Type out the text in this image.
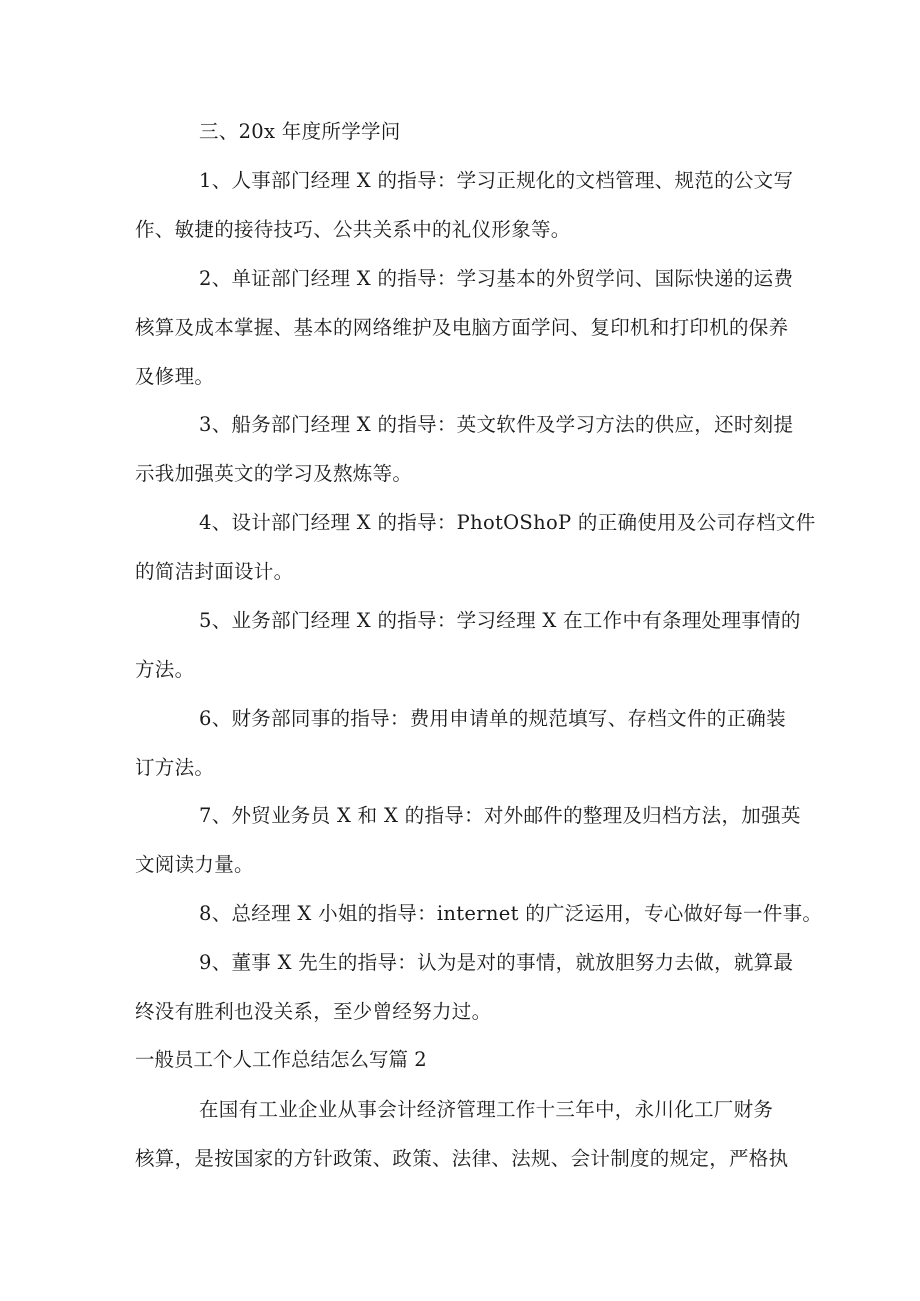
三、20x 年度所学学问
1、人事部门经理 X 的指导：学习正规化的文档管理、规范的公文写
作、敏捷的接待技巧、公共关系中的礼仪形象等。
2、单证部门经理 X 的指导：学习基本的外贸学问、国际快递的运费
核算及成本掌握、基本的网络维护及电脑方面学问、复印机和打印机的保养
及修理。
3、船务部门经理 X 的指导：英文软件及学习方法的供应，还时刻提
示我加强英文的学习及熬炼等。
4、设计部门经理 X 的指导：PhotOShoP 的正确使用及公司存档文件
的简洁封面设计。
5、业务部门经理 X 的指导：学习经理 X 在工作中有条理处理事情的
方法。
6、财务部同事的指导：费用申请单的规范填写、存档文件的正确装
订方法。
7、外贸业务员 X 和 X 的指导：对外邮件的整理及归档方法，加强英
文阅读力量。
8、总经理 X 小姐的指导：internet 的广泛运用，专心做好每一件事。
9、董事 X 先生的指导：认为是对的事情，就放胆努力去做，就算最
终没有胜利也没关系，至少曾经努力过。
一般员工个人工作总结怎么写篇 2
在国有工业企业从事会计经济管理工作十三年中，永川化工厂财务
核算，是按国家的方针政策、政策、法律、法规、会计制度的规定，严格执
